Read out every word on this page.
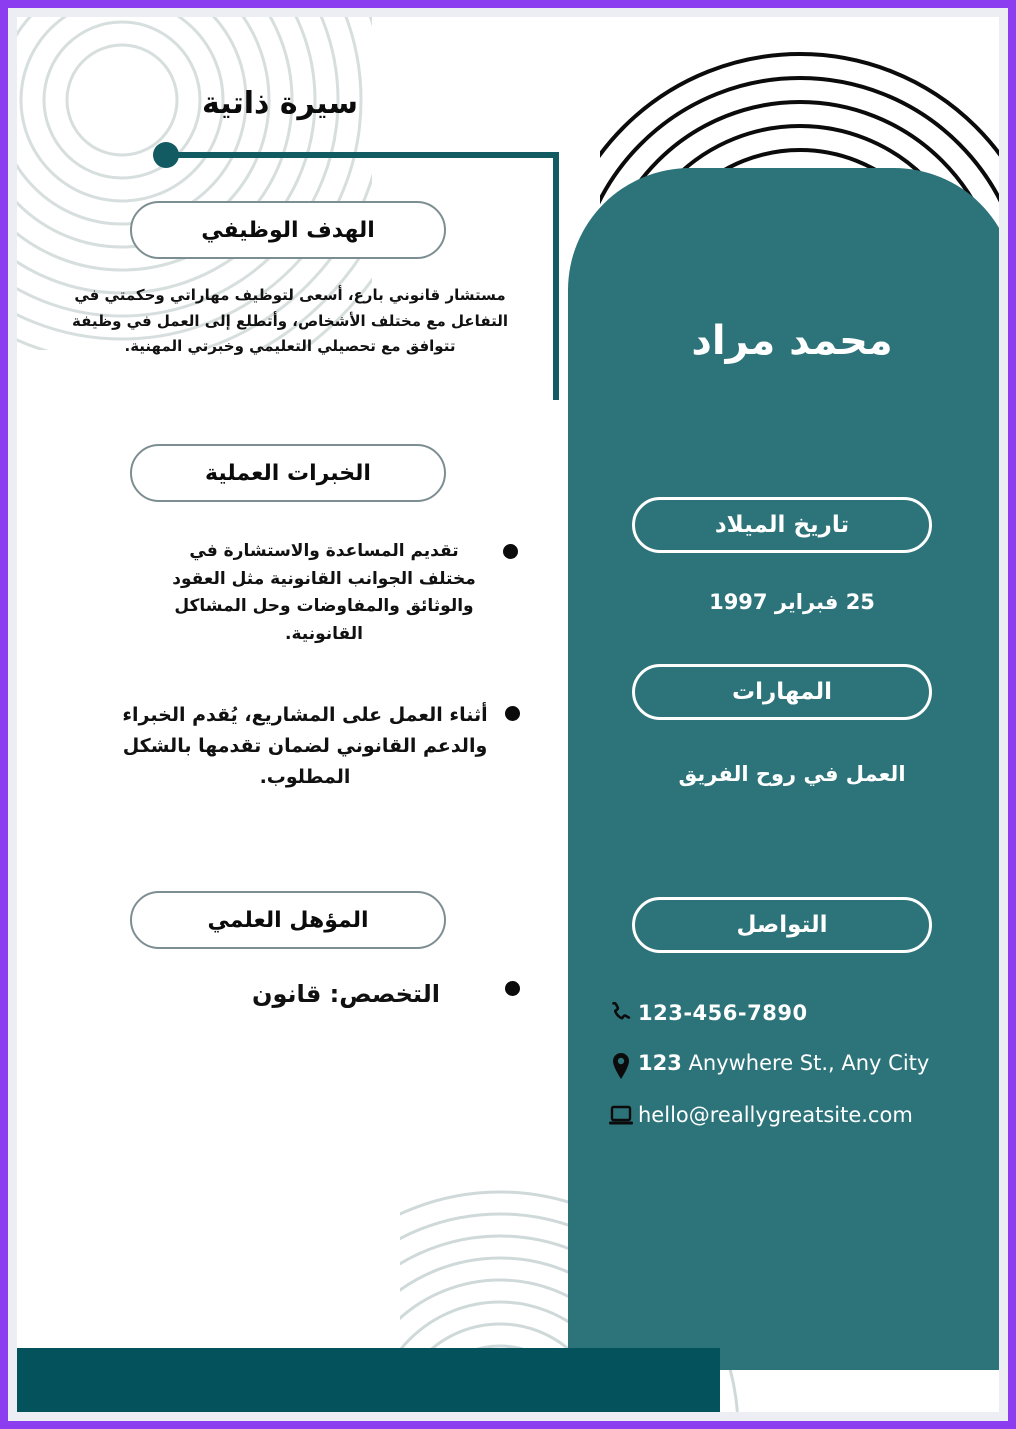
سيرة ذاتية
الهدف الوظيفي
مستشار قانوني بارع، أسعى لتوظيف مهاراتي وحكمتي في التفاعل مع مختلف الأشخاص، وأتطلع إلى العمل في وظيفة تتوافق مع تحصيلي التعليمي وخبرتي المهنية.
الخبرات العملية
تقديم المساعدة والاستشارة في مختلف الجوانب القانونية مثل العقود والوثائق والمفاوضات وحل المشاكل القانونية.
أثناء العمل على المشاريع، يُقدم الخبراء والدعم القانوني لضمان تقدمها بالشكل المطلوب.
المؤهل العلمي
التخصص: قانون
محمد مراد
تاريخ الميلاد
25 فبراير 1997
المهارات
العمل في روح الفريق
التواصل
123-456-7890
123 Anywhere St., Any City
hello@reallygreatsite.com
